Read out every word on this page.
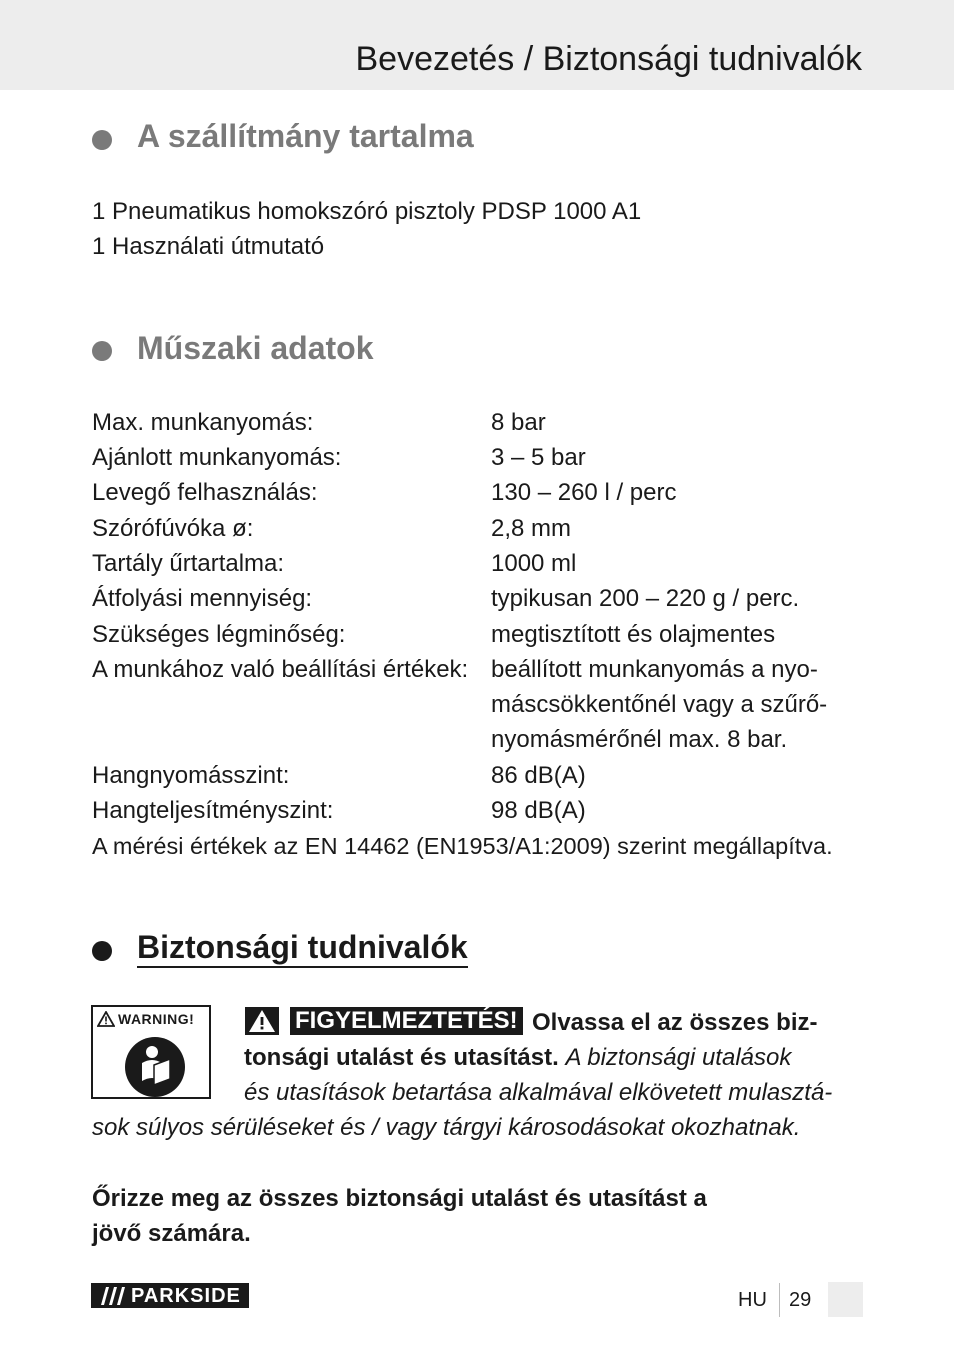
Bevezetés / Biztonsági tudnivalók
A szállítmány tartalma
1 Pneumatikus homokszóró pisztoly PDSP 1000 A1
1 Használati útmutató
Műszaki adatok
Max. munkanyomás:	8 bar
Ajánlott munkanyomás:	3 – 5 bar
Levegő felhasználás:	130 – 260 l / perc
Szórófúvóka ø:	2,8 mm
Tartály űrtartalma:	1000 ml
Átfolyási mennyiség:	typikusan 200 – 220 g / perc.
Szükséges légminőség:	megtisztított és olajmentes
A munkához való beállítási értékek: beállított munkanyomás a nyo-
máscsökkentőnél vagy a szűrő-
nyomásmérőnél max. 8 bar.
Hangnyomásszint:	86 dB(A)
Hangteljesítményszint:	98 dB(A)
A mérési értékek az EN 14462 (EN1953/A1:2009) szerint megállapítva.
Biztonsági tudnivalók
WARNING!	FIGYELMEZTETÉS! Olvassa el az összes biz-
tonsági utalást és utasítást. A biztonsági utalások
és utasítások betartása alkalmával elkövetett mulasztá-
sok súlyos sérüléseket és / vagy tárgyi károsodásokat okozhatnak.
Őrizze meg az összes biztonsági utalást és utasítást a
jövő számára.
PARKSIDE	HU 29
